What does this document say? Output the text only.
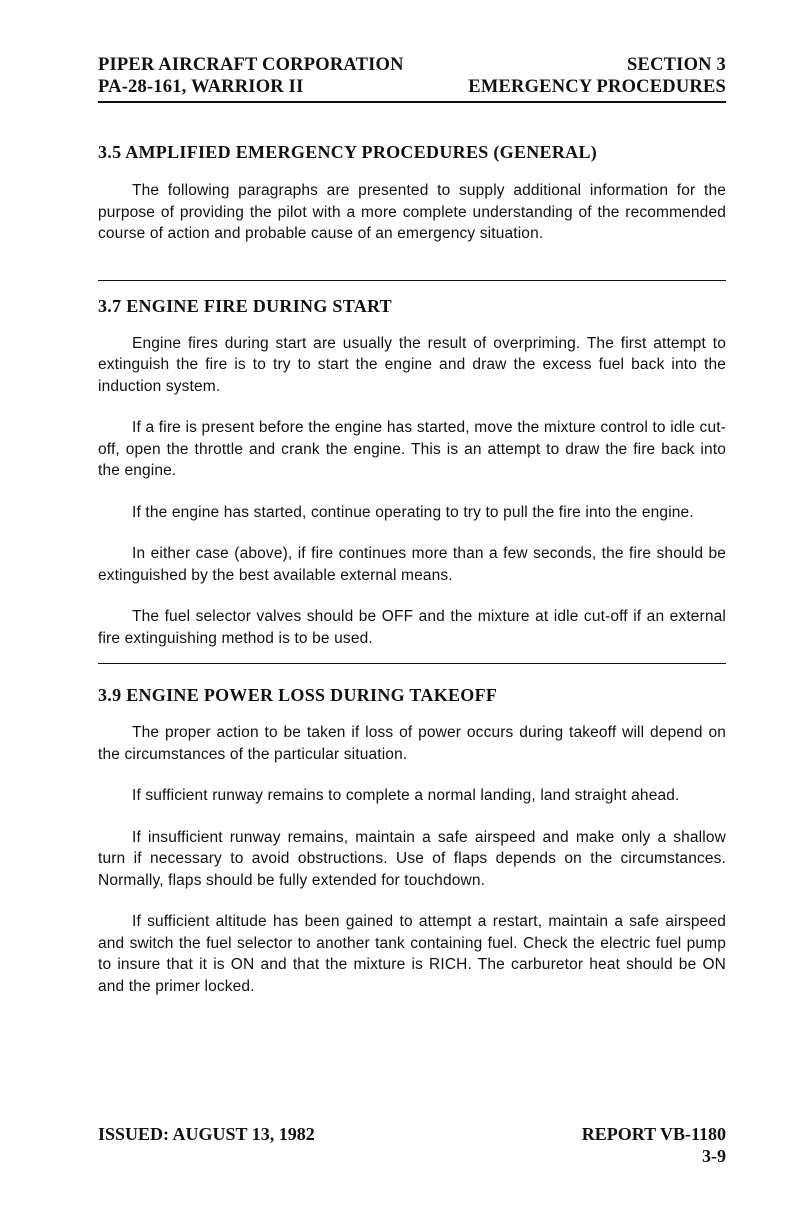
PIPER AIRCRAFT CORPORATION	SECTION 3
PA-28-161, WARRIOR II	EMERGENCY PROCEDURES
3.5 AMPLIFIED EMERGENCY PROCEDURES (GENERAL)

The following paragraphs are presented to supply additional information for the purpose of providing the pilot with a more complete understanding of the recommended course of action and probable cause of an emergency situation.

3.7 ENGINE FIRE DURING START

Engine fires during start are usually the result of overpriming. The first attempt to extinguish the fire is to try to start the engine and draw the excess fuel back into the induction system.

If a fire is present before the engine has started, move the mixture control to idle cut-off, open the throttle and crank the engine. This is an attempt to draw the fire back into the engine.

If the engine has started, continue operating to try to pull the fire into the engine.

In either case (above), if fire continues more than a few seconds, the fire should be extinguished by the best available external means.

The fuel selector valves should be OFF and the mixture at idle cut-off if an external fire extinguishing method is to be used.

3.9 ENGINE POWER LOSS DURING TAKEOFF

The proper action to be taken if loss of power occurs during takeoff will depend on the circumstances of the particular situation.

If sufficient runway remains to complete a normal landing, land straight ahead.

If insufficient runway remains, maintain a safe airspeed and make only a shallow turn if necessary to avoid obstructions. Use of flaps depends on the circumstances. Normally, flaps should be fully extended for touchdown.

If sufficient altitude has been gained to attempt a restart, maintain a safe airspeed and switch the fuel selector to another tank containing fuel. Check the electric fuel pump to insure that it is ON and that the mixture is RICH. The carburetor heat should be ON and the primer locked.

ISSUED: AUGUST 13, 1982	REPORT VB-1180
3-9
